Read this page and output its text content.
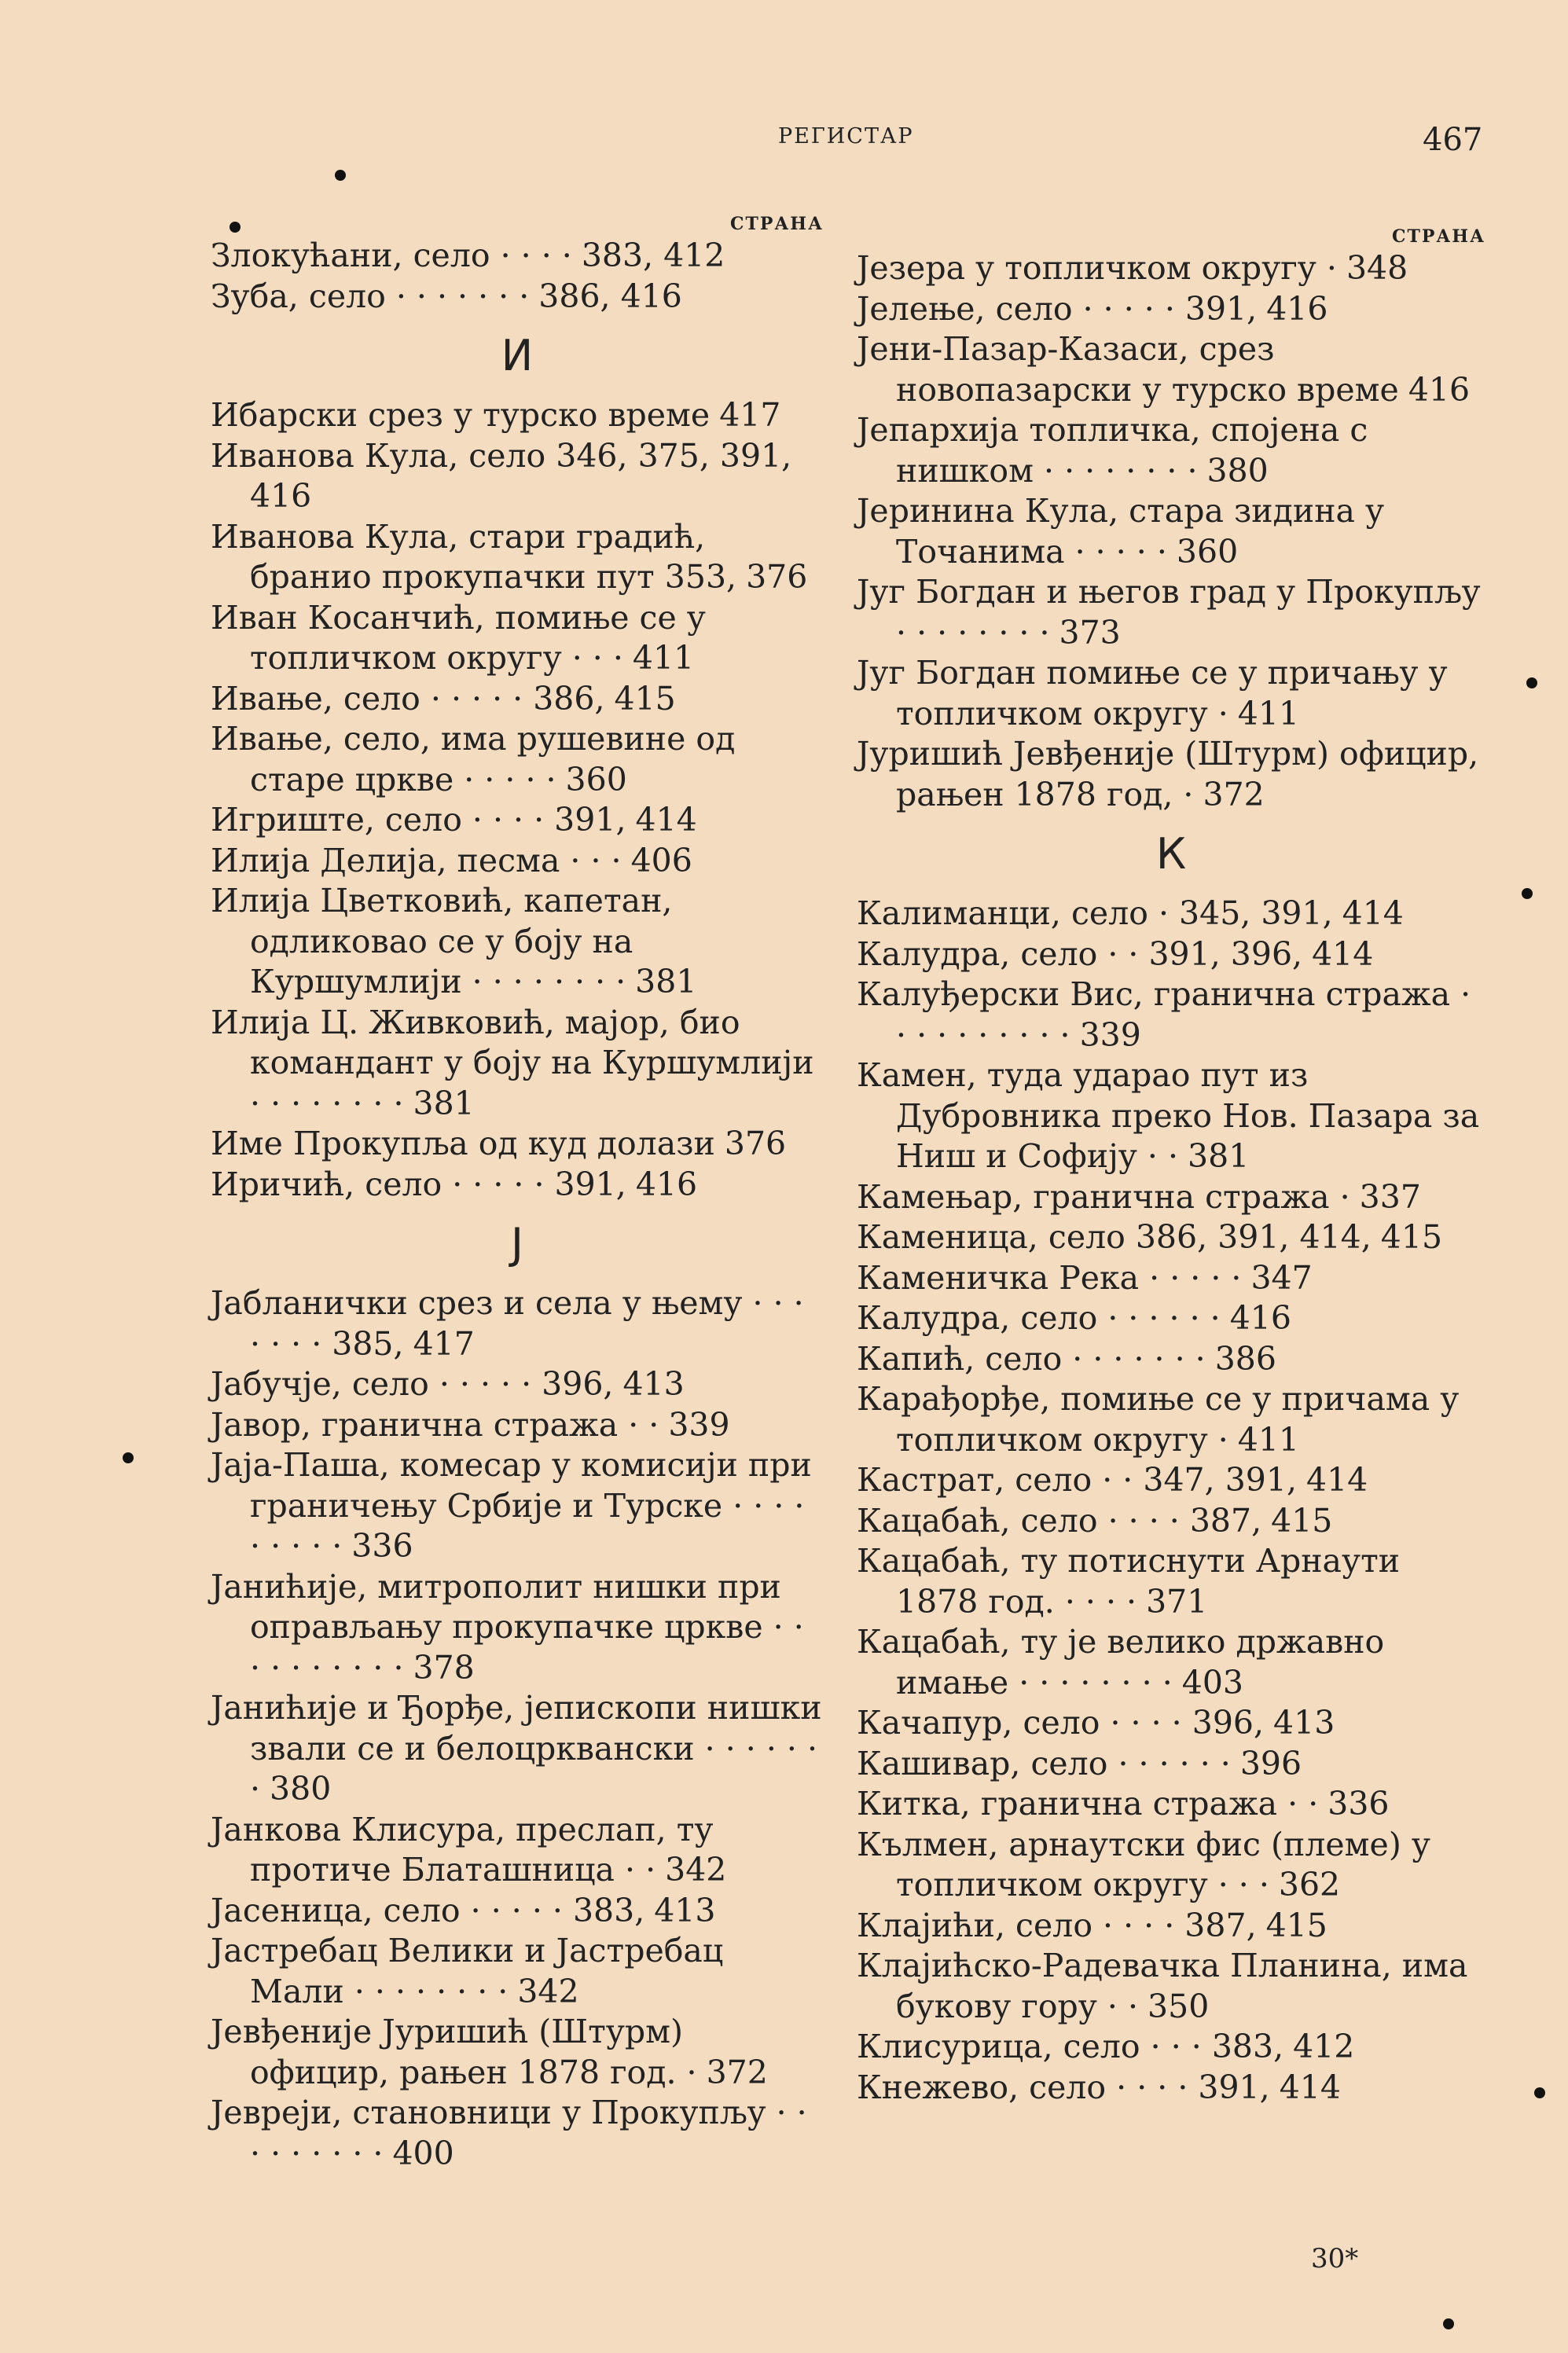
РЕГИСТАР	467
СТРАНА
Злокућани, село · · · · 383, 412
Зуба, село · · · · · · · 386, 416
И
Ибарски срез у турско време 417
Иванова Кула, село 346, 375, 391, 416
Иванова Кула, стари градић, бранио прокупачки пут 353, 376
Иван Косанчић, помиње се у топличком округу · · · 411
Ивање, село · · · · · 386, 415
Ивање, село, има рушевине од старе цркве · · · · · 360
Игриште, село · · · · 391, 414
Илија Делија, песма · · · 406
Илија Цветковић, капетан, одликовао се у боју на Куршумлији · · · · · · · · 381
Илија Ц. Живковић, мајор, био командант у боју на Куршумлији · · · · · · · · 381
Име Прокупља од куд долази 376
Иричић, село · · · · · 391, 416
Ј
Јабланички срез и села у њему · · · · · · · 385, 417
Јабучје, село · · · · · 396, 413
Јавор, гранична стража · · 339
Јаја-Паша, комесар у комисији при граничењу Србије и Турске · · · · · · · · · 336
Јанићије, митрополит нишки при оправљању прокупачке цркве · · · · · · · · · · 378
Јанићије и Ђорђе, јепископи нишки звали се и белоцрквански · · · · · · · 380
Јанкова Клисура, преслап, ту протиче Блаташница · · 342
Јасеница, село · · · · · 383, 413
Јастребац Велики и Јастребац Мали · · · · · · · · 342
Јевђеније Јуришић (Штурм) официр, рањен 1878 год. · 372
Јевреји, становници у Прокупљу · · · · · · · · · 400
СТРАНА
Језера у топличком округу · 348
Јелење, село · · · · · 391, 416
Јени-Пазар-Казаси, срез новопазарски у турско време 416
Јепархија топличка, спојена с нишком · · · · · · · · 380
Јеринина Кула, стара зидина у Точанима · · · · · 360
Југ Богдан и његов град у Прокупљу · · · · · · · · 373
Југ Богдан помиње се у причању у топличком округу · 411
Јуришић Јевђеније (Штурм) официр, рањен 1878 год, · 372
К
Калиманци, село · 345, 391, 414
Калудра, село · · 391, 396, 414
Калуђерски Вис, гранична стража · · · · · · · · · · 339
Камен, туда ударао пут из Дубровника преко Нов. Пазара за Ниш и Софију · · 381
Камењар, гранична стража · 337
Каменица, село 386, 391, 414, 415
Каменичка Река · · · · · 347
Калудра, село · · · · · · 416
Капић, село · · · · · · · 386
Карађорђе, помиње се у причама у топличком округу · 411
Кастрат, село · · 347, 391, 414
Кацабаћ, село · · · · 387, 415
Кацабаћ, ту потиснути Арнаути 1878 год. · · · · 371
Кацабаћ, ту је велико државно имање · · · · · · · · 403
Качапур, село · · · · 396, 413
Кашивар, село · · · · · · 396
Китка, гранична стража · · 336
Кълмен, арнаутски фис (племе) у топличком округу · · · 362
Клајићи, село · · · · 387, 415
Клајићско-Радевачка Планина, има букову гору · · 350
Клисурица, село · · · 383, 412
Кнежево, село · · · · 391, 414
30*
